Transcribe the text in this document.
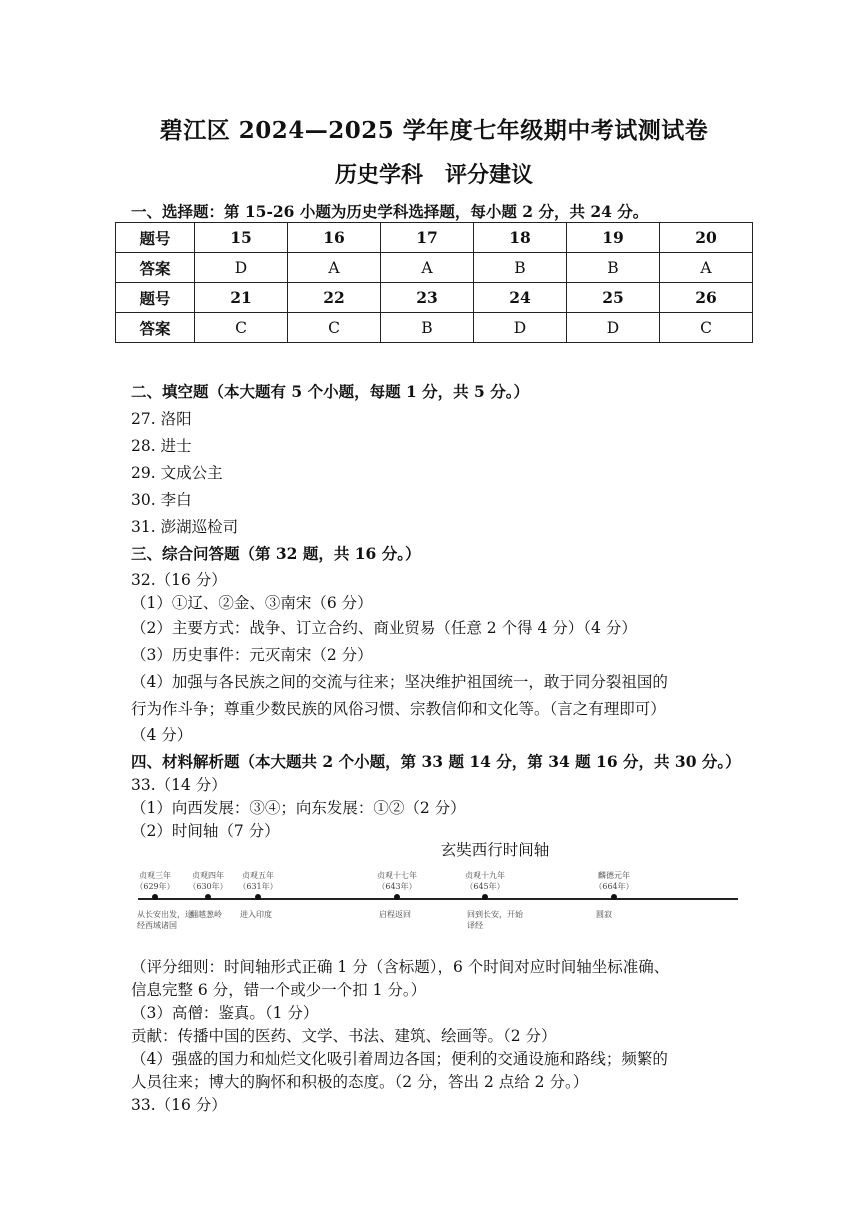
碧江区 2024—2025 学年度七年级期中考试测试卷
历史学科　评分建议
一、选择题：第 15-26 小题为历史学科选择题，每小题 2 分，共 24 分。
题号	15	16	17	18	19	20
答案	D	A	A	B	B	A
题号	21	22	23	24	25	26
答案	C	C	B	D	D	C
二、填空题（本大题有 5 个小题，每题 1 分，共 5 分。）
27. 洛阳
28. 进士
29. 文成公主
30. 李白
31. 澎湖巡检司
三、综合问答题（第 32 题，共 16 分。）
32.（16 分）
（1）①辽、②金、③南宋（6 分）
（2）主要方式：战争、订立合约、商业贸易（任意 2 个得 4 分）（4 分）
（3）历史事件：元灭南宋（2 分）
（4）加强与各民族之间的交流与往来；坚决维护祖国统一，敢于同分裂祖国的
行为作斗争；尊重少数民族的风俗习惯、宗教信仰和文化等。（言之有理即可）
（4 分）
四、材料解析题（本大题共 2 个小题，第 33 题 14 分，第 34 题 16 分，共 30 分。）
33.（14 分）
（1）向西发展：③④；向东发展：①②（2 分）
（2）时间轴（7 分）
玄奘西行时间轴
贞观三年
（629年）
从长安出发，途经西域诸国
贞观四年
（630年）
翻越葱岭
贞观五年
（631年）
进入印度
贞观十七年
（643年）
启程返回
贞观十九年
（645年）
回到长安，开始译经
麟德元年
（664年）
圆寂
（评分细则：时间轴形式正确 1 分（含标题），6 个时间对应时间轴坐标准确、
信息完整 6 分，错一个或少一个扣 1 分。）
（3）高僧：鉴真。（1 分）
贡献：传播中国的医药、文学、书法、建筑、绘画等。（2 分）
（4）强盛的国力和灿烂文化吸引着周边各国；便利的交通设施和路线；频繁的
人员往来；博大的胸怀和积极的态度。（2 分，答出 2 点给 2 分。）
33.（16 分）
